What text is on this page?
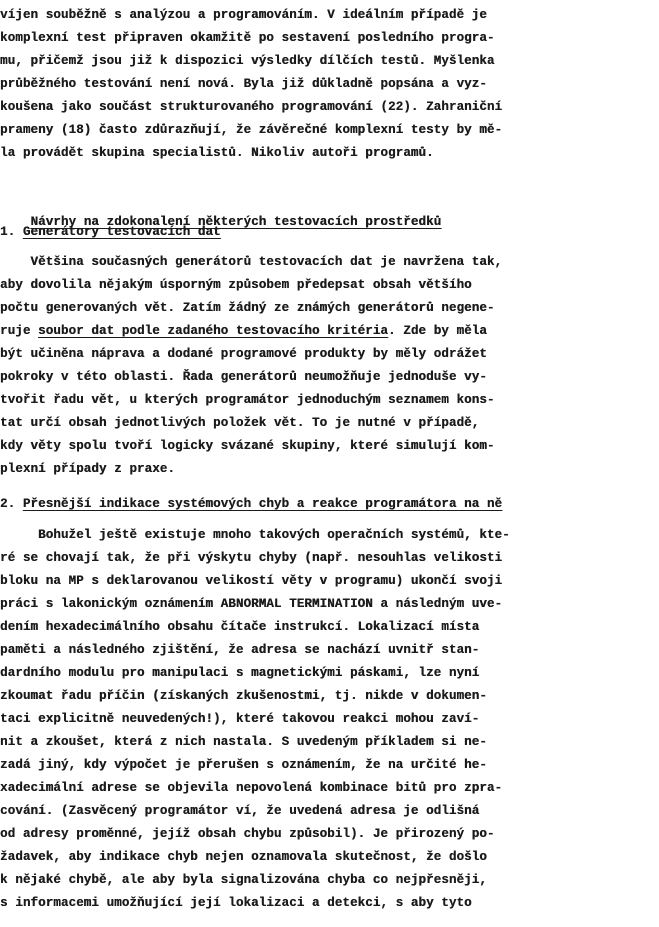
víjen souběžně s analýzou a programováním. V ideálním případě je
komplexní test připraven okamžitě po sestavení posledního progra-
mu, přičemž jsou již k dispozici výsledky dílčích testů. Myšlenka
průběžného testování není nová. Byla již důkladně popsána a vyz-
koušena jako součást strukturovaného programování (22). Zahraniční
prameny (18) často zdůrazňují, že závěrečné komplexní testy by mě-
la provádět skupina specialistů. Nikoliv autoři programů.

Návrhy na zdokonalení některých testovacích prostředků

1. Generátory testovacích dat
Většina současných generátorů testovacích dat je navržena tak,
aby dovolila nějakým úsporným způsobem předepsat obsah většího
počtu generovaných vět. Zatím žádný ze známých generátorů negene-
ruje soubor dat podle zadaného testovacího kritéria. Zde by měla
být učiněna náprava a dodané programové produkty by měly odrážet
pokroky v této oblasti. Řada generátorů neumožňuje jednoduše vy-
tvořit řadu vět, u kterých programátor jednoduchým seznamem kons-
tat určí obsah jednotlivých položek vět. To je nutné v případě,
kdy věty spolu tvoří logicky svázané skupiny, které simulují kom-
plexní případy z praxe.
2. Přesnější indikace systémových chyb a reakce programátora na ně
Bohužel ještě existuje mnoho takových operačních systémů, kte-
ré se chovají tak, že při výskytu chyby (např. nesouhlas velikosti
bloku na MP s deklarovanou velikostí věty v programu) ukončí svoji
práci s lakonickým oznámením ABNORMAL TERMINATION a následným uve-
dením hexadecimálního obsahu čítače instrukcí. Lokalizací místa
paměti a následného zjištění, že adresa se nachází uvnitř stan-
dardního modulu pro manipulaci s magnetickými páskami, lze nyní
zkoumat řadu příčin (získaných zkušenostmi, tj. nikde v dokumen-
taci explicitně neuvedených!), které takovou reakci mohou zaví-
nit a zkoušet, která z nich nastala. S uvedeným příkladem si ne-
zadá jiný, kdy výpočet je přerušen s oznámením, že na určité he-
xadecimální adrese se objevila nepovolená kombinace bitů pro zpra-
cování. (Zasvěcený programátor ví, že uvedená adresa je odlišná
od adresy proměnné, jejíž obsah chybu způsobil). Je přirozený po-
žadavek, aby indikace chyb nejen oznamovala skutečnost, že došlo
k nějaké chybě, ale aby byla signalizována chyba co nejpřesněji,
s informacemi umožňující její lokalizaci a detekci, s aby tyto
